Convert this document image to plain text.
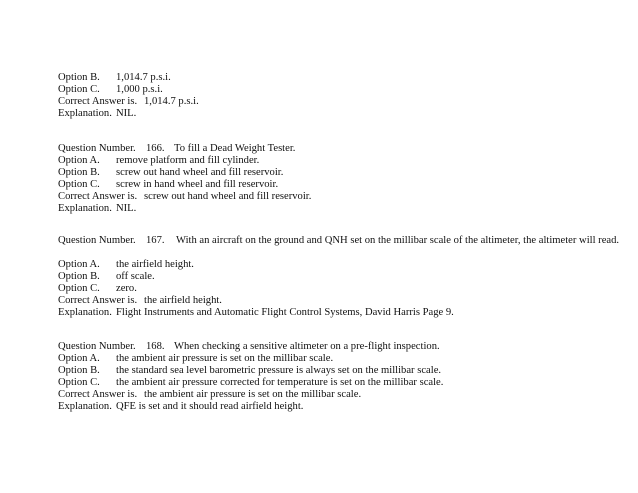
Option B. 1,014.7 p.s.i.
Option C. 1,000 p.s.i.
Correct Answer is. 1,014.7 p.s.i.
Explanation. NIL.
Question Number. 166. To fill a Dead Weight Tester.
Option A. remove platform and fill cylinder.
Option B. screw out hand wheel and fill reservoir.
Option C. screw in hand wheel and fill reservoir.
Correct Answer is. screw out hand wheel and fill reservoir.
Explanation. NIL.
Question Number. 167. With an aircraft on the ground and QNH set on the millibar scale of the altimeter, the altimeter will read.
Option A. the airfield height.
Option B. off scale.
Option C. zero.
Correct Answer is. the airfield height.
Explanation. Flight Instruments and Automatic Flight Control Systems, David Harris Page 9.
Question Number. 168. When checking a sensitive altimeter on a pre-flight inspection.
Option A. the ambient air pressure is set on the millibar scale.
Option B. the standard sea level barometric pressure is always set on the millibar scale.
Option C. the ambient air pressure corrected for temperature is set on the millibar scale.
Correct Answer is. the ambient air pressure is set on the millibar scale.
Explanation. QFE is set and it should read airfield height.
